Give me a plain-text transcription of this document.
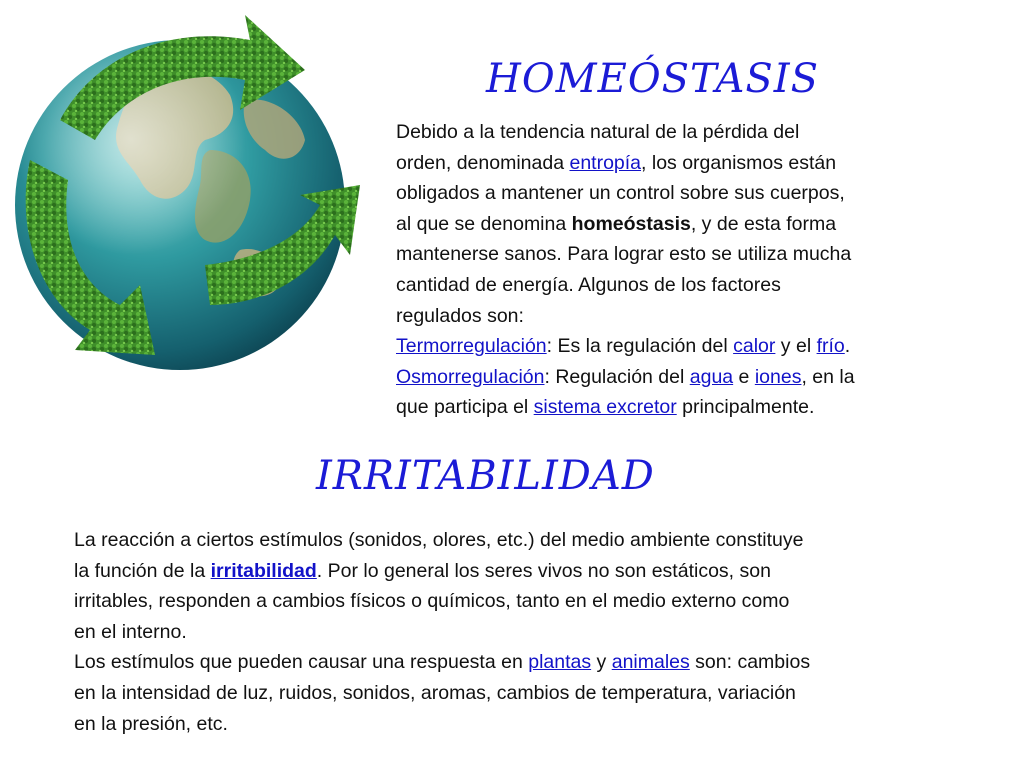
HOMEÓSTASIS
Debido a la tendencia natural de la pérdida del
orden, denominada entropía, los organismos están
obligados a mantener un control sobre sus cuerpos,
al que se denomina homeóstasis, y de esta forma
mantenerse sanos. Para lograr esto se utiliza mucha
cantidad de energía. Algunos de los factores
regulados son:
Termorregulación: Es la regulación del calor y el frío.
Osmorregulación: Regulación del agua e iones, en la
que participa el sistema excretor principalmente.
IRRITABILIDAD
La reacción a ciertos estímulos (sonidos, olores, etc.) del medio ambiente constituye
la función de la irritabilidad. Por lo general los seres vivos no son estáticos, son
irritables, responden a cambios físicos o químicos, tanto en el medio externo como
en el interno.
Los estímulos que pueden causar una respuesta en plantas y animales son: cambios
en la intensidad de luz, ruidos, sonidos, aromas, cambios de temperatura, variación
en la presión, etc.
